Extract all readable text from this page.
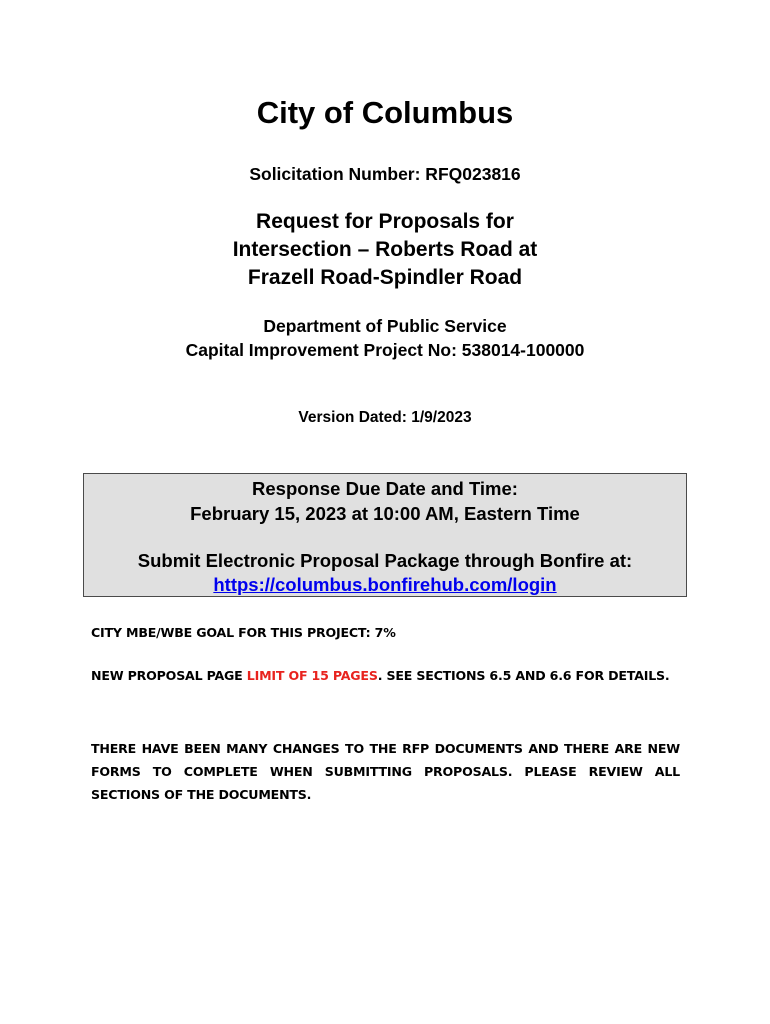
City of Columbus
Solicitation Number: RFQ023816
Request for Proposals for
Intersection – Roberts Road at
Frazell Road-Spindler Road
Department of Public Service
Capital Improvement Project No: 538014-100000
Version Dated: 1/9/2023
Response Due Date and Time:
February 15, 2023 at 10:00 AM, Eastern Time
Submit Electronic Proposal Package through Bonfire at:
https://columbus.bonfirehub.com/login
CITY MBE/WBE GOAL FOR THIS PROJECT: 7%
NEW PROPOSAL PAGE LIMIT OF 15 PAGES. SEE SECTIONS 6.5 AND 6.6 FOR DETAILS.
THERE HAVE BEEN MANY CHANGES TO THE RFP DOCUMENTS AND THERE ARE NEW FORMS TO COMPLETE WHEN SUBMITTING PROPOSALS. PLEASE REVIEW ALL SECTIONS OF THE DOCUMENTS.
